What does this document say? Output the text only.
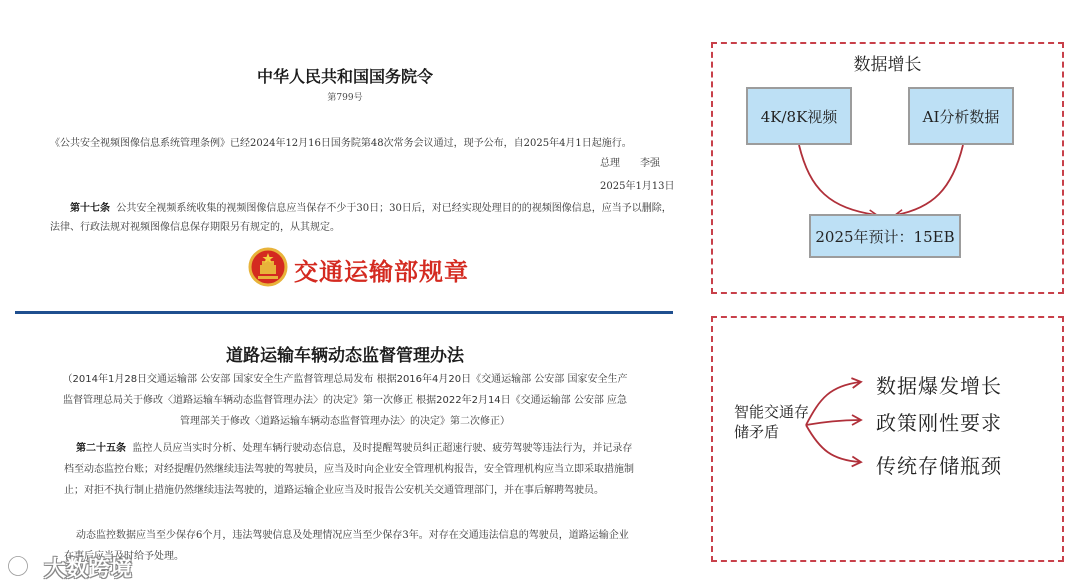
中华人民共和国国务院令
第799号
《公共安全视频图像信息系统管理条例》已经2024年12月16日国务院第48次常务会议通过，现予公布，自2025年4月1日起施行。
总理　　李强
2025年1月13日
第十七条 公共安全视频系统收集的视频图像信息应当保存不少于30日；30日后，对已经实现处理目的的视频图像信息，应当予以删除，法律、行政法规对视频图像信息保存期限另有规定的，从其规定。
交通运输部规章
道路运输车辆动态监督管理办法
（2014年1月28日交通运输部 公安部 国家安全生产监督管理总局发布 根据2016年4月20日《交通运输部 公安部 国家安全生产监督管理总局关于修改〈道路运输车辆动态监督管理办法〉的决定》第一次修正 根据2022年2月14日《交通运输部 公安部 应急管理部关于修改〈道路运输车辆动态监督管理办法〉的决定》第二次修正）
第二十五条 监控人员应当实时分析、处理车辆行驶动态信息，及时提醒驾驶员纠正超速行驶、疲劳驾驶等违法行为，并记录存档至动态监控台账；对经提醒仍然继续违法驾驶的驾驶员，应当及时向企业安全管理机构报告，安全管理机构应当立即采取措施制止；对拒不执行制止措施仍然继续违法驾驶的，道路运输企业应当及时报告公安机关交通管理部门，并在事后解聘驾驶员。
动态监控数据应当至少保存6个月，违法驾驶信息及处理情况应当至少保存3年。对存在交通违法信息的驾驶员，道路运输企业在事后应当及时给予处理。
大数跨境
数据增长
4K/8K视频	AI分析数据
2025年预计：15EB
智能交通存储矛盾
数据爆发增长
政策刚性要求
传统存储瓶颈
